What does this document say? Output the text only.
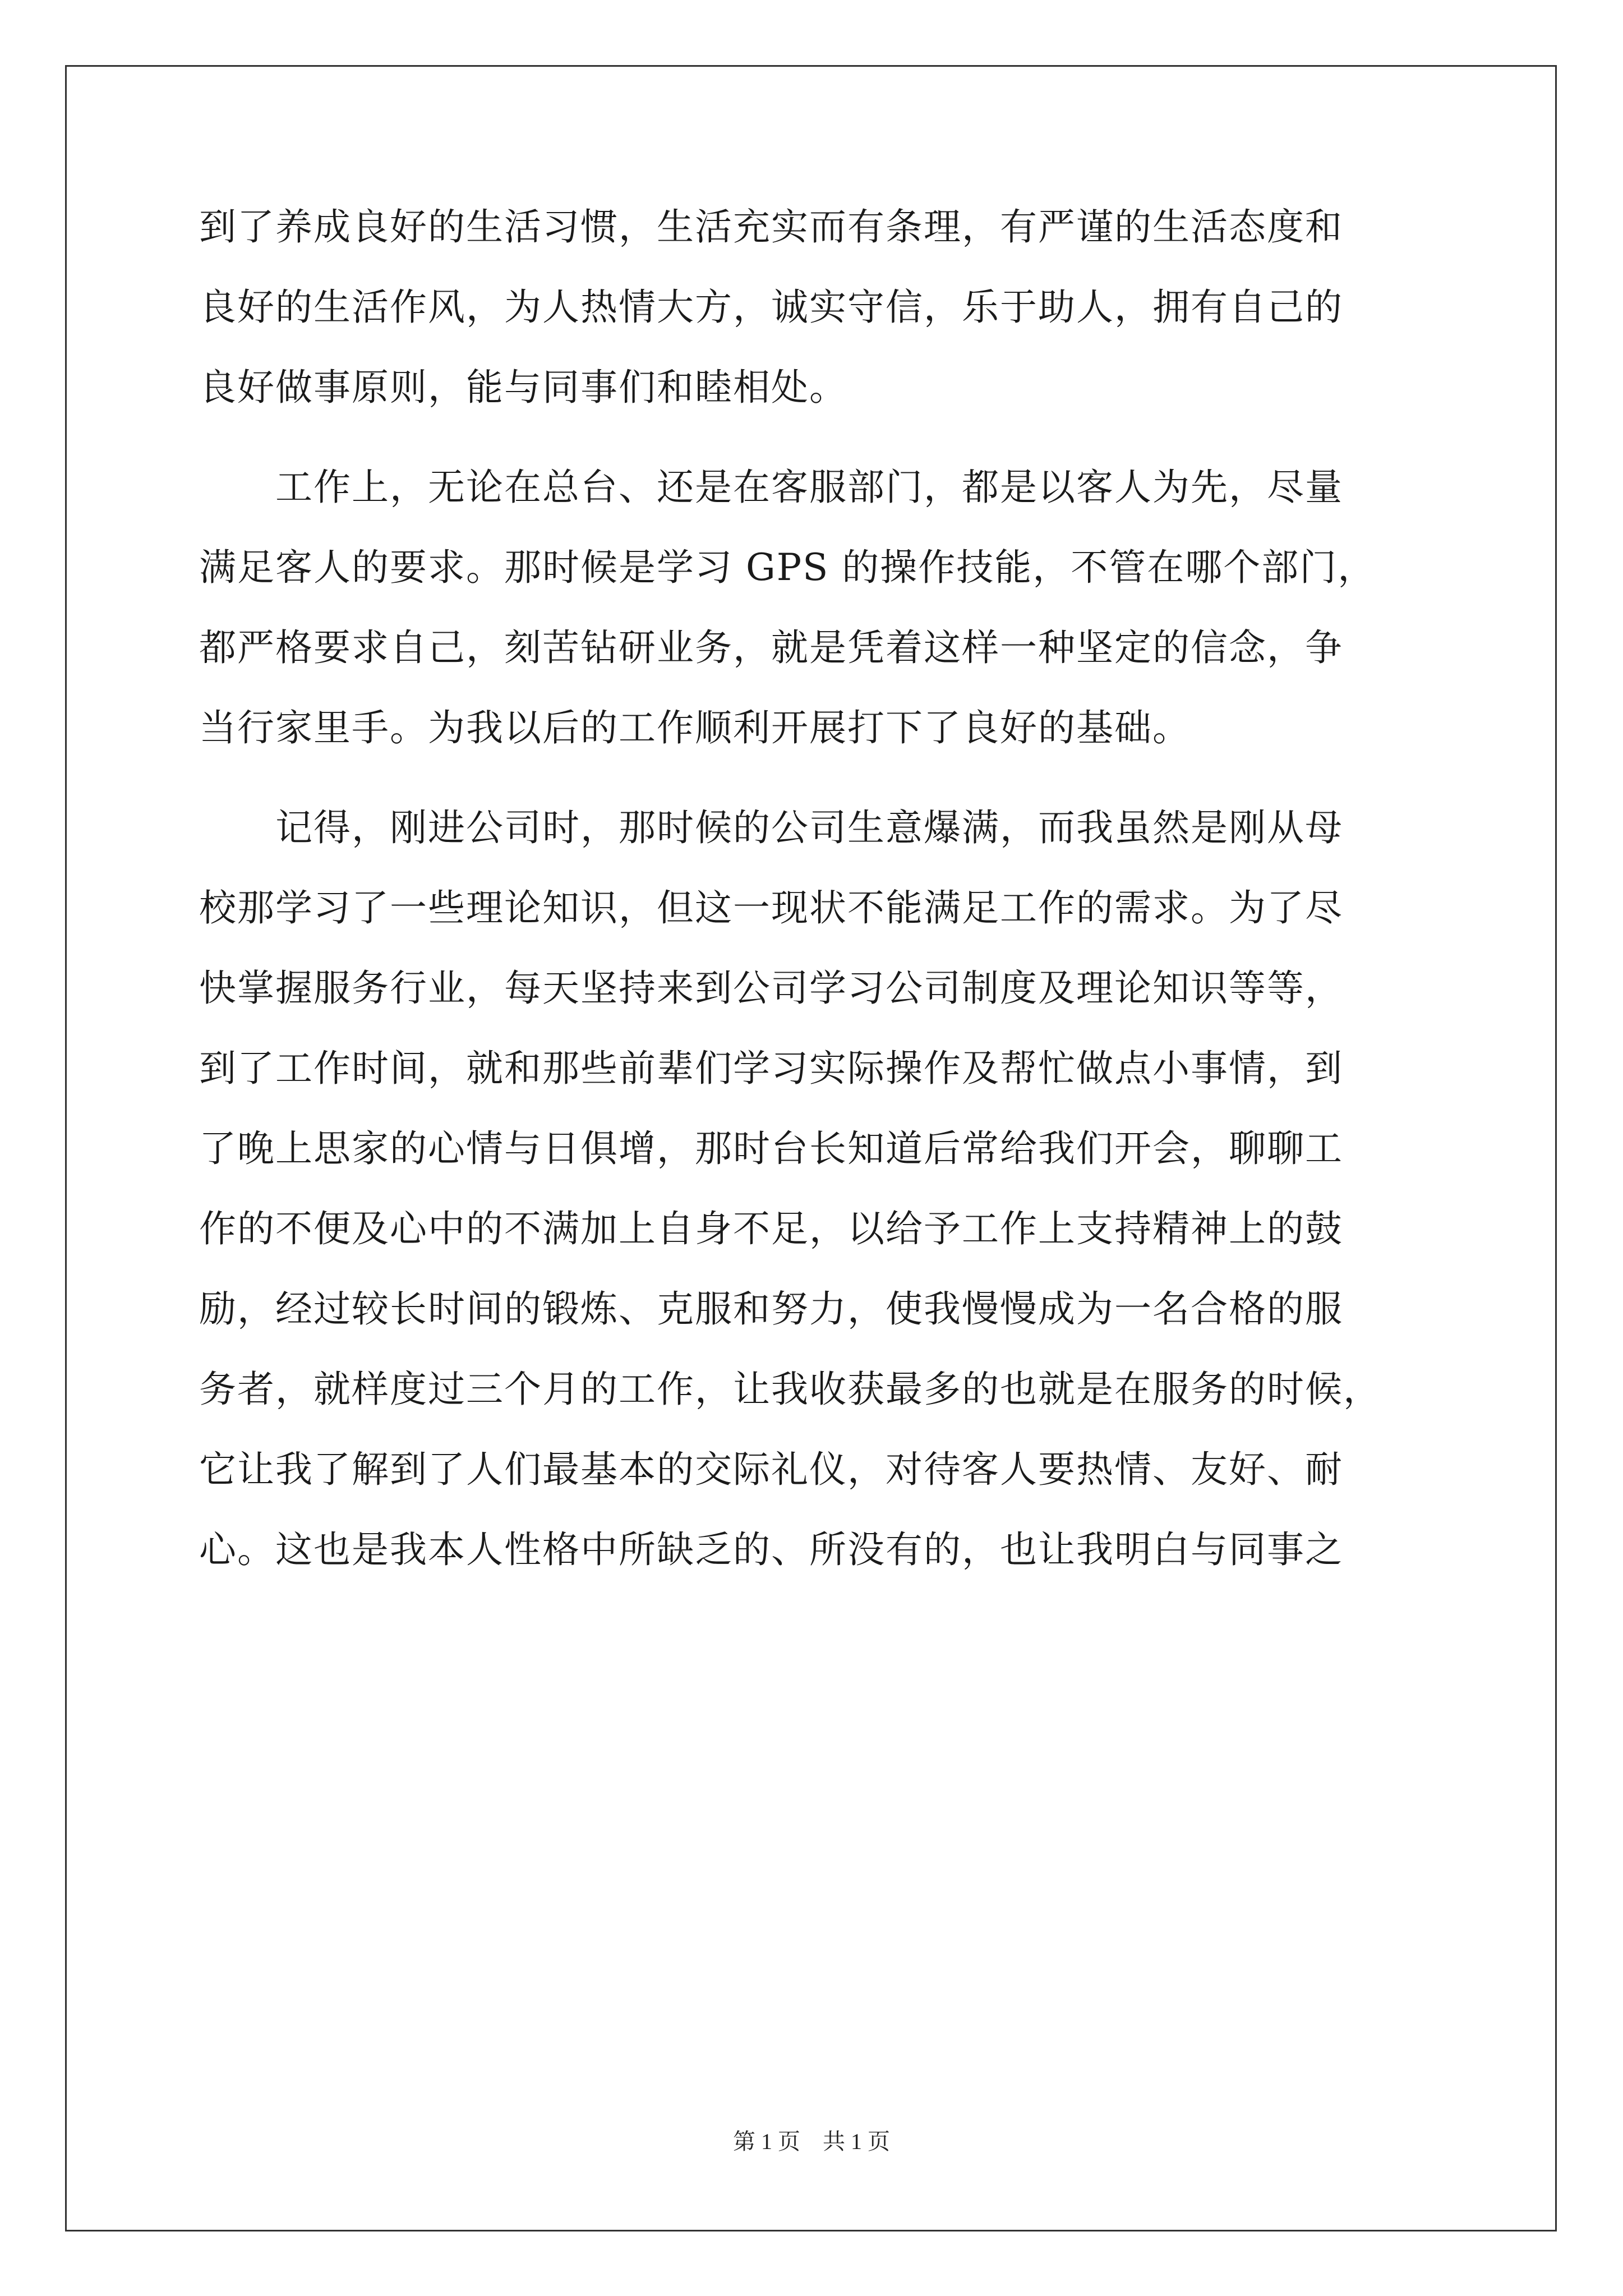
到了养成良好的生活习惯，生活充实而有条理，有严谨的生活态度和
良好的生活作风，为人热情大方，诚实守信，乐于助人，拥有自己的
良好做事原则，能与同事们和睦相处。
　　工作上，无论在总台、还是在客服部门，都是以客人为先，尽量
满足客人的要求。那时候是学习 GPS 的操作技能，不管在哪个部门，
都严格要求自己，刻苦钻研业务，就是凭着这样一种坚定的信念，争
当行家里手。为我以后的工作顺利开展打下了良好的基础。
　　记得，刚进公司时，那时候的公司生意爆满，而我虽然是刚从母
校那学习了一些理论知识，但这一现状不能满足工作的需求。为了尽
快掌握服务行业，每天坚持来到公司学习公司制度及理论知识等等，
到了工作时间，就和那些前辈们学习实际操作及帮忙做点小事情，到
了晚上思家的心情与日俱增，那时台长知道后常给我们开会，聊聊工
作的不便及心中的不满加上自身不足，以给予工作上支持精神上的鼓
励，经过较长时间的锻炼、克服和努力，使我慢慢成为一名合格的服
务者，就样度过三个月的工作，让我收获最多的也就是在服务的时候，
它让我了解到了人们最基本的交际礼仪，对待客人要热情、友好、耐
心。这也是我本人性格中所缺乏的、所没有的，也让我明白与同事之
第 1 页　共 1 页
